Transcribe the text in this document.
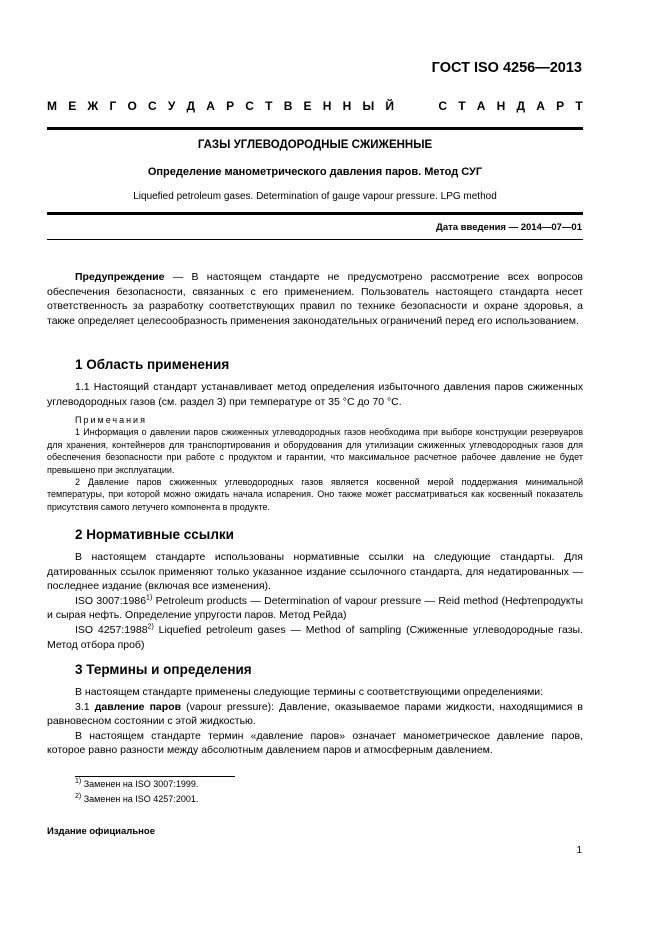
ГОСТ ISO 4256—2013
М Е Ж Г О С У Д А Р С Т В Е Н Н Ы Й	С Т А Н Д А Р Т
ГАЗЫ УГЛЕВОДОРОДНЫЕ СЖИЖЕННЫЕ
Определение манометрического давления паров. Метод СУГ
Liquefied petroleum gases. Determination of gauge vapour pressure. LPG method
Дата введения — 2014—07—01

Предупреждение — В настоящем стандарте не предусмотрено рассмотрение всех вопросов обеспечения безопасности, связанных с его применением. Пользователь настоящего стандарта несет ответственность за разработку соответствующих правил по технике безопасности и охране здоровья, а также определяет целесообразность применения законодательных ограничений перед его использованием.

1 Область применения

1.1 Настоящий стандарт устанавливает метод определения избыточного давления паров сжиженных углеводородных газов (см. раздел 3) при температуре от 35 °С до 70 °С.

Примечания

1 Информация о давлении паров сжиженных углеводородных газов необходима при выборе конструкции резервуаров для хранения, контейнеров для транспортирования и оборудования для утилизации сжиженных углеводородных газов для обеспечения безопасности при работе с продуктом и гарантии, что максимальное расчетное рабочее давление не будет превышено при эксплуатации.

2 Давление паров сжиженных углеводородных газов является косвенной мерой поддержания минимальной температуры, при которой можно ожидать начала испарения. Оно также может рассматриваться как косвенный показатель присутствия самого летучего компонента в продукте.

2 Нормативные ссылки

В настоящем стандарте использованы нормативные ссылки на следующие стандарты. Для датированных ссылок применяют только указанное издание ссылочного стандарта, для недатированных — последнее издание (включая все изменения).

ISO 3007:1986$^{1)}$ Petroleum products — Determination of vapour pressure — Reid method (Нефтепродукты и сырая нефть. Определение упругости паров. Метод Рейда)

ISO 4257:1988$^{2)}$ Liquefied petroleum gases — Method of sampling (Сжиженные углеводородные газы. Метод отбора проб)

3 Термины и определения

В настоящем стандарте применены следующие термины с соответствующими определениями:

3.1 давление паров (vapour pressure): Давление, оказываемое парами жидкости, находящимися в равновесном состоянии с этой жидкостью.

В настоящем стандарте термин «давление паров» означает манометрическое давление паров, которое равно разности между абсолютным давлением паров и атмосферным давлением.

$^{1)}$ Заменен на ISO 3007:1999.
$^{2)}$ Заменен на ISO 4257:2001.
Издание официальное
1
